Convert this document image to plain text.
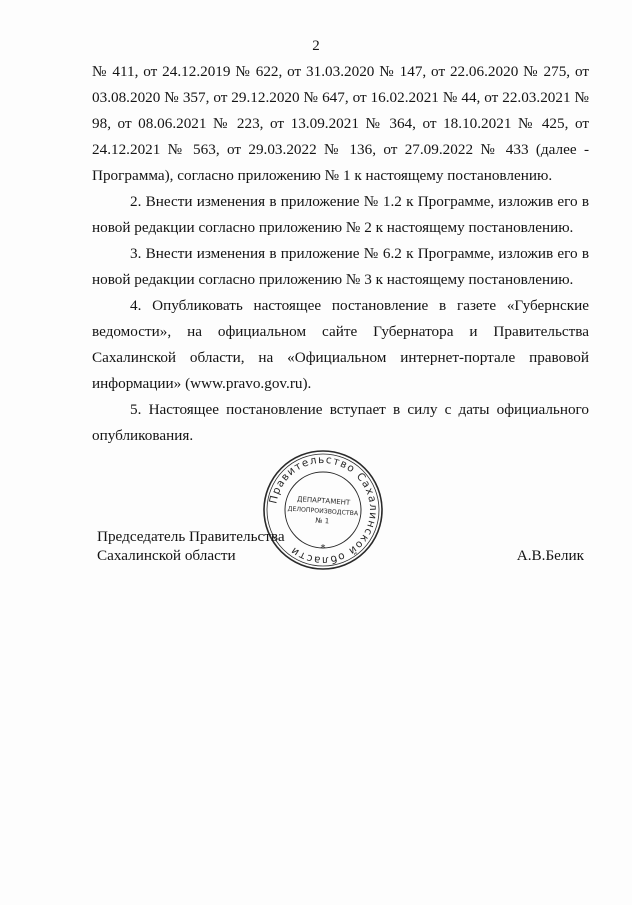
2

№ 411, от 24.12.2019 № 622, от 31.03.2020 № 147, от 22.06.2020 № 275, от 03.08.2020 № 357, от 29.12.2020 № 647, от 16.02.2021 № 44, от 22.03.2021 № 98, от 08.06.2021 № 223, от 13.09.2021 № 364, от 18.10.2021 № 425, от 24.12.2021 № 563, от 29.03.2022 № 136, от 27.09.2022 № 433 (далее - Программа), согласно приложению № 1 к настоящему постановлению.

2. Внести изменения в приложение № 1.2 к Программе, изложив его в новой редакции согласно приложению № 2 к настоящему постановлению.

3. Внести изменения в приложение № 6.2 к Программе, изложив его в новой редакции согласно приложению № 3 к настоящему постановлению.

4. Опубликовать настоящее постановление в газете «Губернские ведомости», на официальном сайте Губернатора и Правительства Сахалинской области, на «Официальном интернет-портале правовой информации» (www.pravo.gov.ru).

5. Настоящее постановление вступает в силу с даты официального опубликования.

Правительство Сахалинской области	*
ДЕПАРТАМЕНТ
ДЕЛОПРОИЗВОДСТВА
№ 1
Председатель Правительства
Сахалинской области	А.В.Белик
